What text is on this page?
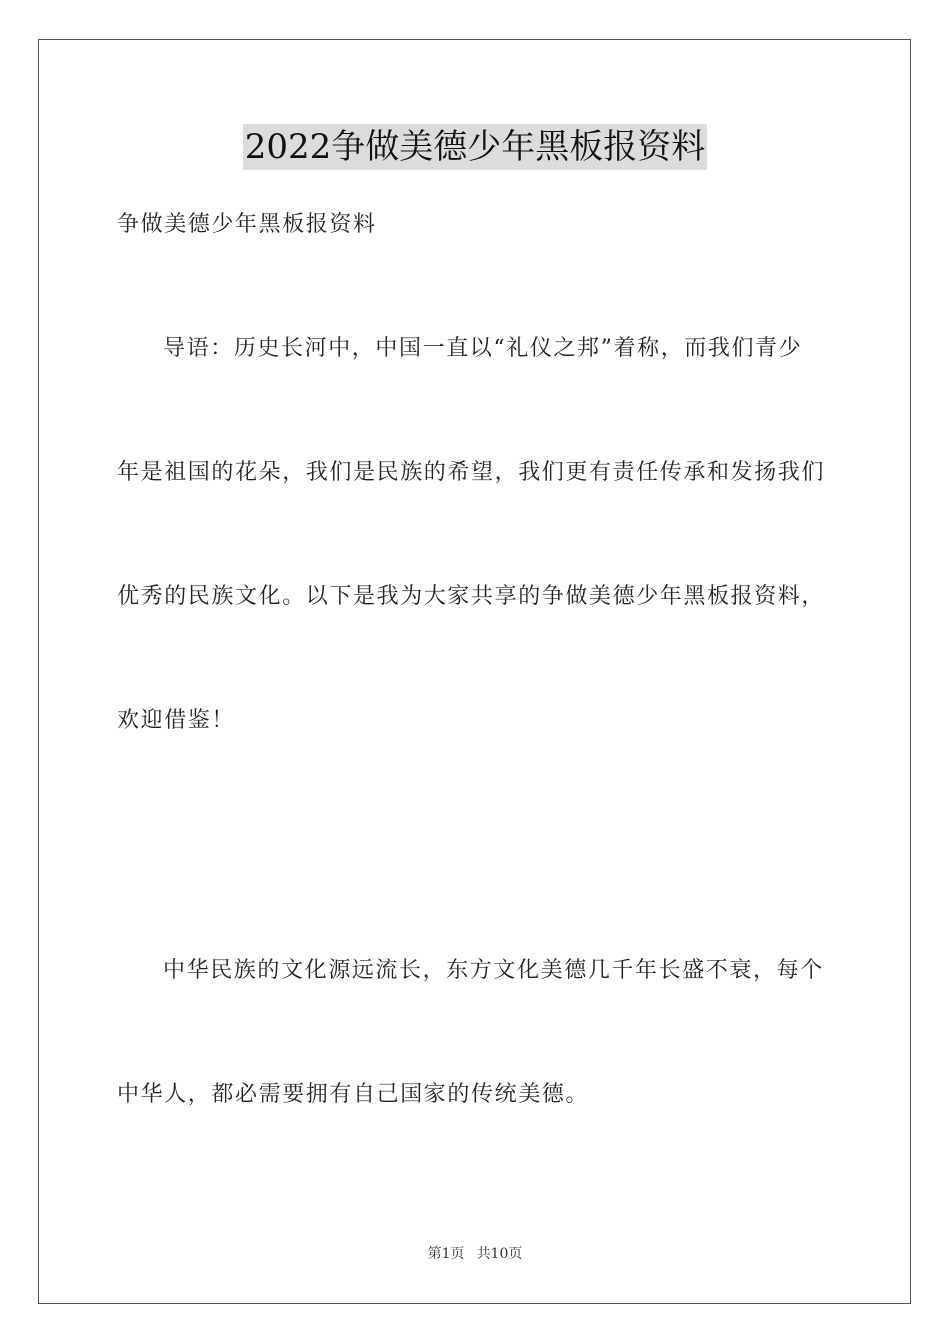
2022争做美德少年黑板报资料
争做美德少年黑板报资料
导语：历史长河中，中国一直以“礼仪之邦”着称，而我们青少
年是祖国的花朵，我们是民族的希望，我们更有责任传承和发扬我们
优秀的民族文化。以下是我为大家共享的争做美德少年黑板报资料，
欢迎借鉴！
中华民族的文化源远流长，东方文化美德几千年长盛不衰，每个
中华人，都必需要拥有自己国家的传统美德。
第1页 共10页
